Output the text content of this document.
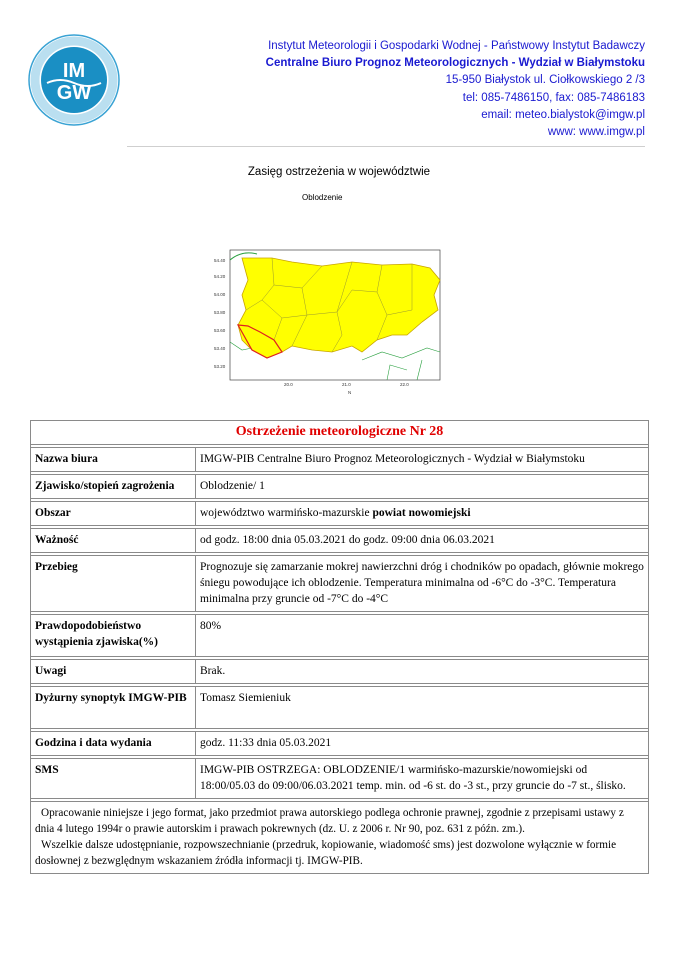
IM
GW
Instytut Meteorologii i Gospodarki Wodnej - Państwowy Instytut Badawczy
Centralne Biuro Prognoz Meteorologicznych - Wydział w Białymstoku
15-950 Białystok ul. Ciołkowskiego 2 /3
tel: 085-7486150, fax: 085-7486183
email: meteo.bialystok@imgw.pl
www: www.imgw.pl
Zasięg ostrzeżenia w województwie
Oblodzenie
54.40
54.20
54.00
53.80
53.60
53.40
53.20
20.0	21.0	22.0
N
Ostrzeżenie meteorologiczne Nr 28	

Nazwa biura	IMGW-PIB Centralne Biuro Prognoz Meteorologicznych - Wydział w Białymstoku

Zjawisko/stopień zagrożenia	Oblodzenie/ 1

Obszar	województwo warmińsko-mazurskie powiat nowomiejski

Ważność	od godz. 18:00 dnia 05.03.2021 do godz. 09:00 dnia 06.03.2021

Przebieg	Prognozuje się zamarzanie mokrej nawierzchni dróg i chodników po opadach, głównie mokrego śniegu powodujące ich oblodzenie. Temperatura minimalna od -6°C do -3°C. Temperatura minimalna przy gruncie od -7°C do -4°C

Prawdopodobieństwo wystąpienia zjawiska(%)	80%

Uwagi	Brak.

Dyżurny synoptyk IMGW-PIB	Tomasz Siemieniuk

Godzina i data wydania	godz. 11:33 dnia 05.03.2021

SMS	IMGW-PIB OSTRZEGA: OBLODZENIE/1 warmińsko-mazurskie/nowomiejski od 18:00/05.03 do 09:00/06.03.2021 temp. min. od -6 st. do -3 st., przy gruncie do -7 st., ślisko.

Opracowanie niniejsze i jego format, jako przedmiot prawa autorskiego podlega ochronie prawnej, zgodnie z przepisami ustawy z dnia 4 lutego 1994r o prawie autorskim i prawach pokrewnych (dz. U. z 2006 r. Nr 90, poz. 631 z późn. zm.).
Wszelkie dalsze udostępnianie, rozpowszechnianie (przedruk, kopiowanie, wiadomość sms) jest dozwolone wyłącznie w formie dosłownej z bezwględnym wskazaniem źródła informacji tj. IMGW-PIB.	
